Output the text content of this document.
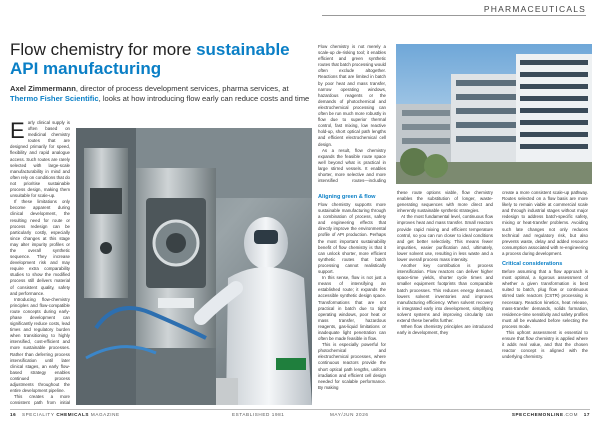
PHARMACEUTICALS
Flow chemistry for more sustainable API manufacturing
Axel Zimmermann, director of process development services, pharma services, at Thermo Fisher Scientific, looks at how introducing flow early can reduce costs and time

Early clinical supply is often based on medicinal chemistry routes that are designed primarily for speed, flexibility and rapid analogue access. Such routes are rarely selected with large-scale manufacturability in mind and often rely on conditions that do not prioritise sustainable process design, making them unsuitable for scale-up.

If these limitations only become apparent during clinical development, the resulting need for route or process redesign can be particularly costly, especially since changes at this stage may alter impurity profiles or the overall synthetic sequence. They increase development risk and may require extra comparability studies to show the modified process still delivers material of consistent quality, safety and performance.

Introducing flow-chemistry principles and flow-compatible route concepts during early-phase development can significantly reduce costs, lead times and regulatory burden when transitioning to highly intensified, cost-efficient and more sustainable processes. Rather than deferring process intensification until later clinical stages, an early flow-based strategy enables continued process adjustments throughout the entire development pipeline.

This creates a more consistent path from initial

Flow chemistry is not merely a scale-up de-risking tool; it enables efficient and green synthetic routes that batch processing would often exclude altogether. Reactions that are limited in batch by poor heat and mass transfer, narrow operating windows, hazardous reagents or the demands of photochemical and electrochemical processing can often be run much more robustly in flow due to superior thermal control, fast mixing, low reactive hold-up, short optical path lengths and efficient electrochemical cell design.

As a result, flow chemistry expands the feasible route space well beyond what is practical in large stirred vessels. It enables shorter, more selective and more intensified routes—including

Aligning green & flow

Flow chemistry supports more sustainable manufacturing through a combination of process, safety and engineering effects that directly improve the environmental profile of API production. Perhaps the most important sustainability benefit of flow chemistry is that it can unlock shorter, more efficient synthetic routes that batch processing cannot realistically support.

In this sense, flow is not just a means of intensifying an established route; it expands the accessible synthetic design space. Transformations that are not practical in batch due to tight operating windows, poor heat or mass transfer, hazardous reagents, gas-liquid limitations or inadequate light penetration can often be made feasible in flow.

This is especially powerful for photochemical and electrochemical processes, where continuous reactors provide the short optical path lengths, uniform irradiation and efficient cell design needed for scalable performance. By making

these route options viable, flow chemistry enables the substitution of longer, waste-generating sequences with more direct and inherently sustainable synthetic strategies.

At the most fundamental level, continuous flow improves heat and mass transfer. Small reactors provide rapid mixing and efficient temperature control, so you can run closer to ideal conditions and get better selectivity. This means fewer impurities, easier purification and, ultimately, lower solvent use, resulting in less waste and a lower overall process mass intensity.

Another key contribution is process intensification. Flow reactors can deliver higher space-time yields, shorter cycle times and smaller equipment footprints than comparable batch processes. This reduces energy demand, lowers solvent inventories and improves manufacturing efficiency. When solvent recovery is integrated early into development, simplifying solvent systems and improving circularity can extend these benefits further.

When flow chemistry principles are introduced early in development, they

create a more consistent scale-up pathway. Routes selected on a flow basis are more likely to remain viable at commercial scale and through industrial stages without major redesign to address batch-specific safety, mixing or heat-transfer problems. Avoiding such late changes not only reduces technical and regulatory risk, but also prevents waste, delay and added resource consumption associated with re-engineering a process during development.

Critical considerations

Before assuming that a flow approach is most optimal, a rigorous assessment of whether a given transformation is best suited to batch, plug flow or continuous stirred tank reactors (CSTR) processing is necessary. Reaction kinetics, heat release, mass-transfer demands, solids formation, residence-time sensitivity and safety profiles must all be evaluated before selecting the process mode.

This upfront assessment is essential to ensure that flow chemistry is applied where it adds real value, and that the chosen reactor concept is aligned with the underlying chemistry.

16 SPECIALITY CHEMICALS MAGAZINE	ESTABLISHED 1981	MAY/JUN 2026	SPECCHEMONLINE.COM 17
